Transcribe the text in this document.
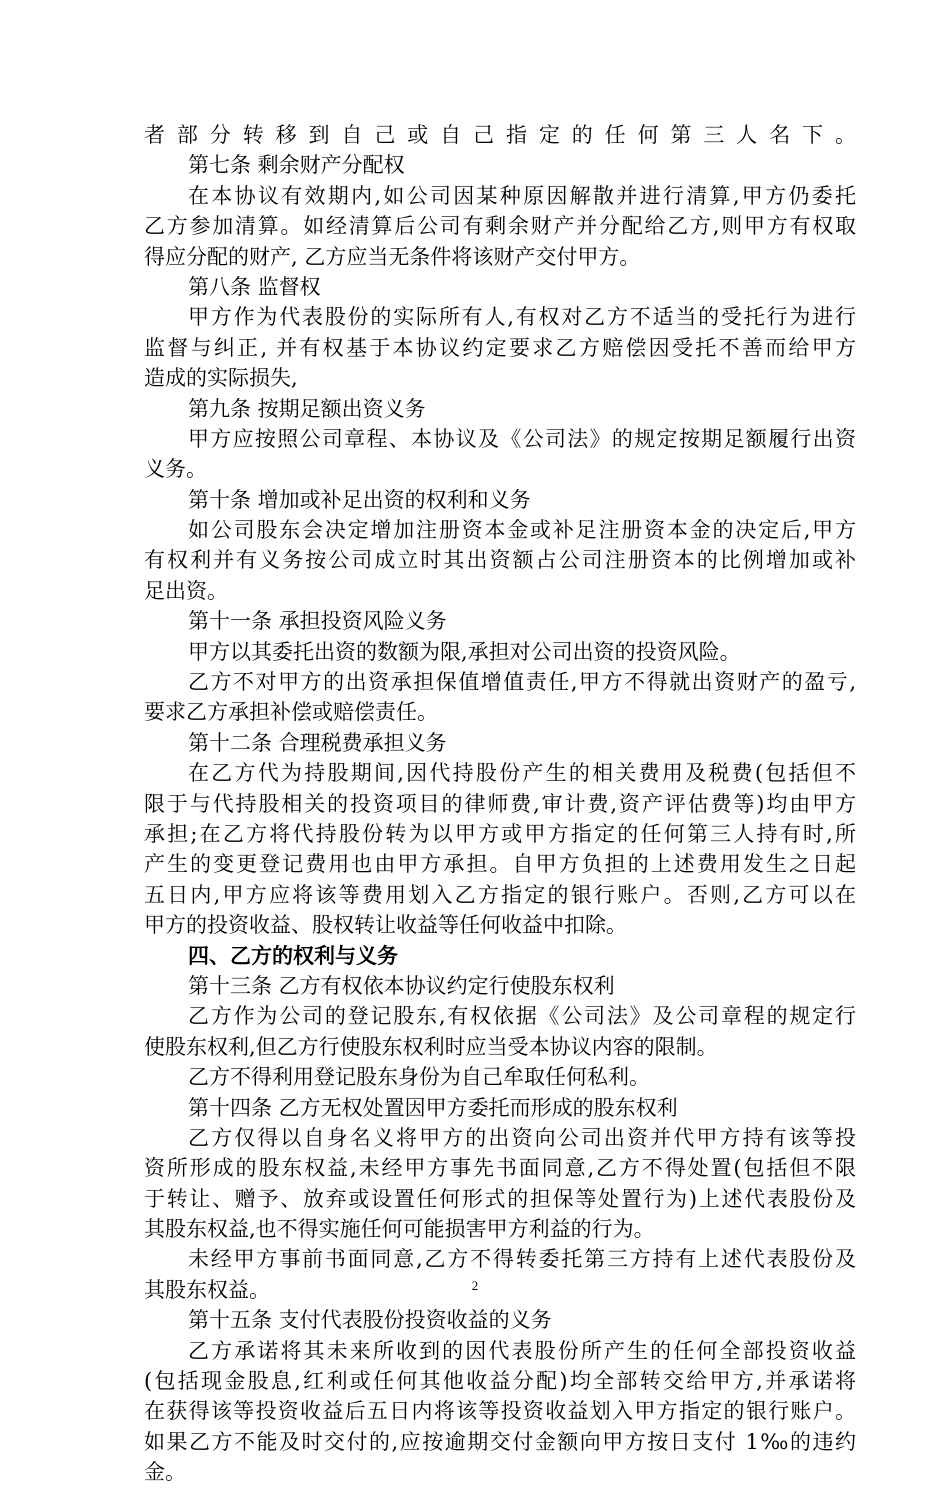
者部分转移到自己或自己指定的任何第三人名下。
第七条 剩余财产分配权
在本协议有效期内,如公司因某种原因解散并进行清算,甲方仍委托
乙方参加清算。如经清算后公司有剩余财产并分配给乙方,则甲方有权取
得应分配的财产, 乙方应当无条件将该财产交付甲方。
第八条 监督权
甲方作为代表股份的实际所有人,有权对乙方不适当的受托行为进行
监督与纠正, 并有权基于本协议约定要求乙方赔偿因受托不善而给甲方
造成的实际损失,
第九条 按期足额出资义务
甲方应按照公司章程、本协议及《公司法》的规定按期足额履行出资
义务。
第十条 增加或补足出资的权利和义务
如公司股东会决定增加注册资本金或补足注册资本金的决定后,甲方
有权利并有义务按公司成立时其出资额占公司注册资本的比例增加或补
足出资。
第十一条 承担投资风险义务
甲方以其委托出资的数额为限,承担对公司出资的投资风险。
乙方不对甲方的出资承担保值增值责任,甲方不得就出资财产的盈亏,
要求乙方承担补偿或赔偿责任。
第十二条 合理税费承担义务
在乙方代为持股期间,因代持股份产生的相关费用及税费(包括但不
限于与代持股相关的投资项目的律师费,审计费,资产评估费等)均由甲方
承担;在乙方将代持股份转为以甲方或甲方指定的任何第三人持有时,所
产生的变更登记费用也由甲方承担。自甲方负担的上述费用发生之日起
五日内,甲方应将该等费用划入乙方指定的银行账户。否则,乙方可以在
甲方的投资收益、股权转让收益等任何收益中扣除。
四、乙方的权利与义务
第十三条 乙方有权依本协议约定行使股东权利
乙方作为公司的登记股东,有权依据《公司法》及公司章程的规定行
使股东权利,但乙方行使股东权利时应当受本协议内容的限制。
乙方不得利用登记股东身份为自己牟取任何私利。
第十四条 乙方无权处置因甲方委托而形成的股东权利
乙方仅得以自身名义将甲方的出资向公司出资并代甲方持有该等投
资所形成的股东权益,未经甲方事先书面同意,乙方不得处置(包括但不限
于转让、赠予、放弃或设置任何形式的担保等处置行为)上述代表股份及
其股东权益,也不得实施任何可能损害甲方利益的行为。
未经甲方事前书面同意,乙方不得转委托第三方持有上述代表股份及
其股东权益。
第十五条 支付代表股份投资收益的义务
乙方承诺将其未来所收到的因代表股份所产生的任何全部投资收益
(包括现金股息,红利或任何其他收益分配)均全部转交给甲方,并承诺将
在获得该等投资收益后五日内将该等投资收益划入甲方指定的银行账户。
如果乙方不能及时交付的,应按逾期交付金额向甲方按日支付 1‰的违约
金。
2
